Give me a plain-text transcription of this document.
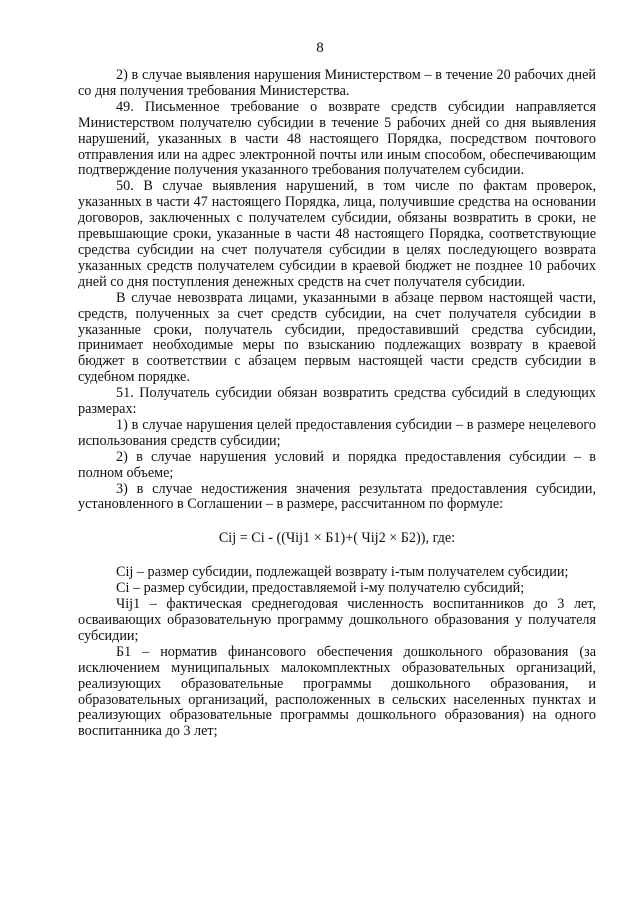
8

2) в случае выявления нарушения Министерством – в течение 20 рабочих дней со дня получения требования Министерства.

49. Письменное требование о возврате средств субсидии направляется Министерством получателю субсидии в течение 5 рабочих дней со дня выявления нарушений, указанных в части 48 настоящего Порядка, посредством почтового отправления или на адрес электронной почты или иным способом, обеспечивающим подтверждение получения указанного требования получателем субсидии.

50. В случае выявления нарушений, в том числе по фактам проверок, указанных в части 47 настоящего Порядка, лица, получившие средства на основании договоров, заключенных с получателем субсидии, обязаны возвратить в сроки, не превышающие сроки, указанные в части 48 настоящего Порядка, соответствующие средства субсидии на счет получателя субсидии в целях последующего возврата указанных средств получателем субсидии в краевой бюджет не позднее 10 рабочих дней со дня поступления денежных средств на счет получателя субсидии.

В случае невозврата лицами, указанными в абзаце первом настоящей части, средств, полученных за счет средств субсидии, на счет получателя субсидии в указанные сроки, получатель субсидии, предоставивший средства субсидии, принимает необходимые меры по взысканию подлежащих возврату в краевой бюджет в соответствии с абзацем первым настоящей части средств субсидии в судебном порядке.

51. Получатель субсидии обязан возвратить средства субсидий в следующих размерах:

1) в случае нарушения целей предоставления субсидии – в размере нецелевого использования средств субсидии;

2) в случае нарушения условий и порядка предоставления субсидии – в полном объеме;

3) в случае недостижения значения результата предоставления субсидии, установленного в Соглашении – в размере, рассчитанном по формуле:

Cij = Ci - ((Чij1 × Б1)+( Чij2 × Б2)), где:

Cij – размер субсидии, подлежащей возврату i-тым получателем субсидии;

Ci – размер субсидии, предоставляемой i-му получателю субсидий;

Чij1 – фактическая среднегодовая численность воспитанников до 3 лет, осваивающих образовательную программу дошкольного образования у получателя субсидии;

Б1 – норматив финансового обеспечения дошкольного образования (за исключением муниципальных малокомплектных образовательных организаций, реализующих образовательные программы дошкольного образования, и образовательных организаций, расположенных в сельских населенных пунктах и реализующих образовательные программы дошкольного образования) на одного воспитанника до 3 лет;
